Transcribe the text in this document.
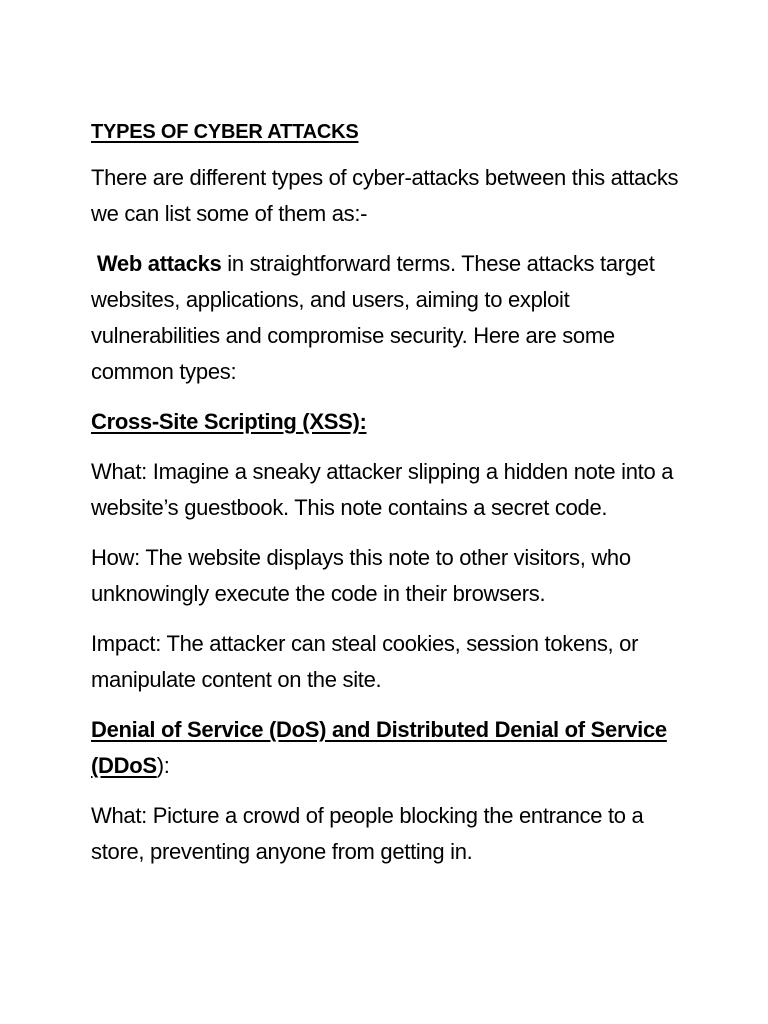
TYPES OF CYBER ATTACKS

There are different types of cyber-attacks between this attacks we can list some of them as:-

Web attacks in straightforward terms. These attacks target websites, applications, and users, aiming to exploit vulnerabilities and compromise security. Here are some common types:

Cross-Site Scripting (XSS):

What: Imagine a sneaky attacker slipping a hidden note into a website’s guestbook. This note contains a secret code.

How: The website displays this note to other visitors, who unknowingly execute the code in their browsers.

Impact: The attacker can steal cookies, session tokens, or manipulate content on the site.

Denial of Service (DoS) and Distributed Denial of Service (DDoS):

What: Picture a crowd of people blocking the entrance to a store, preventing anyone from getting in.
